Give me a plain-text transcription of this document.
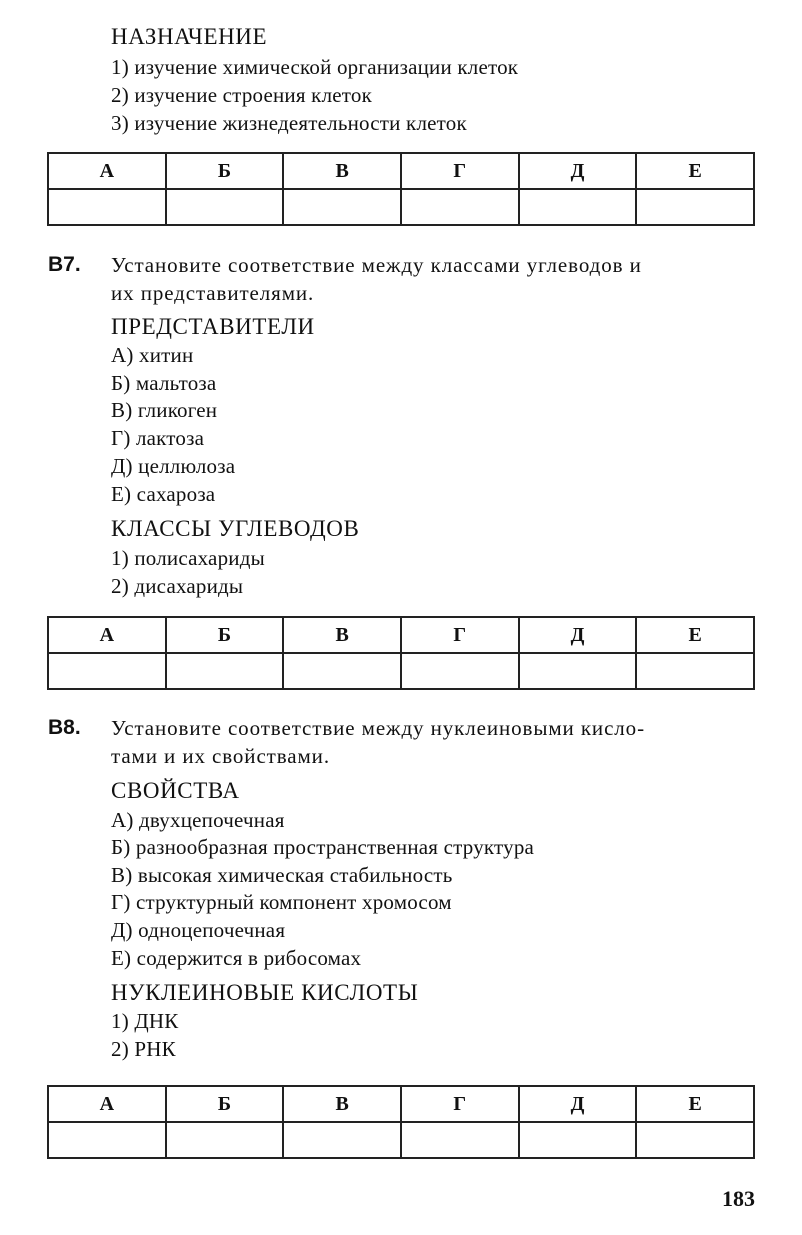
НАЗНАЧЕНИЕ
1) изучение химической организации клеток
2) изучение строения клеток
3) изучение жизнедеятельности клеток
А	Б	В	Г	Д	Е

В7. Установите соответствие между классами углеводов и
их представителями.
ПРЕДСТАВИТЕЛИ
А) хитин
Б) мальтоза
В) гликоген
Г) лактоза
Д) целлюлоза
Е) сахароза
КЛАССЫ УГЛЕВОДОВ
1) полисахариды
2) дисахариды
А	Б	В	Г	Д	Е

В8. Установите соответствие между нуклеиновыми кисло-
тами и их свойствами.
СВОЙСТВА
А) двухцепочечная
Б) разнообразная пространственная структура
В) высокая химическая стабильность
Г) структурный компонент хромосом
Д) одноцепочечная
Е) содержится в рибосомах
НУКЛЕИНОВЫЕ КИСЛОТЫ
1) ДНК
2) РНК
А	Б	В	Г	Д	Е

183
